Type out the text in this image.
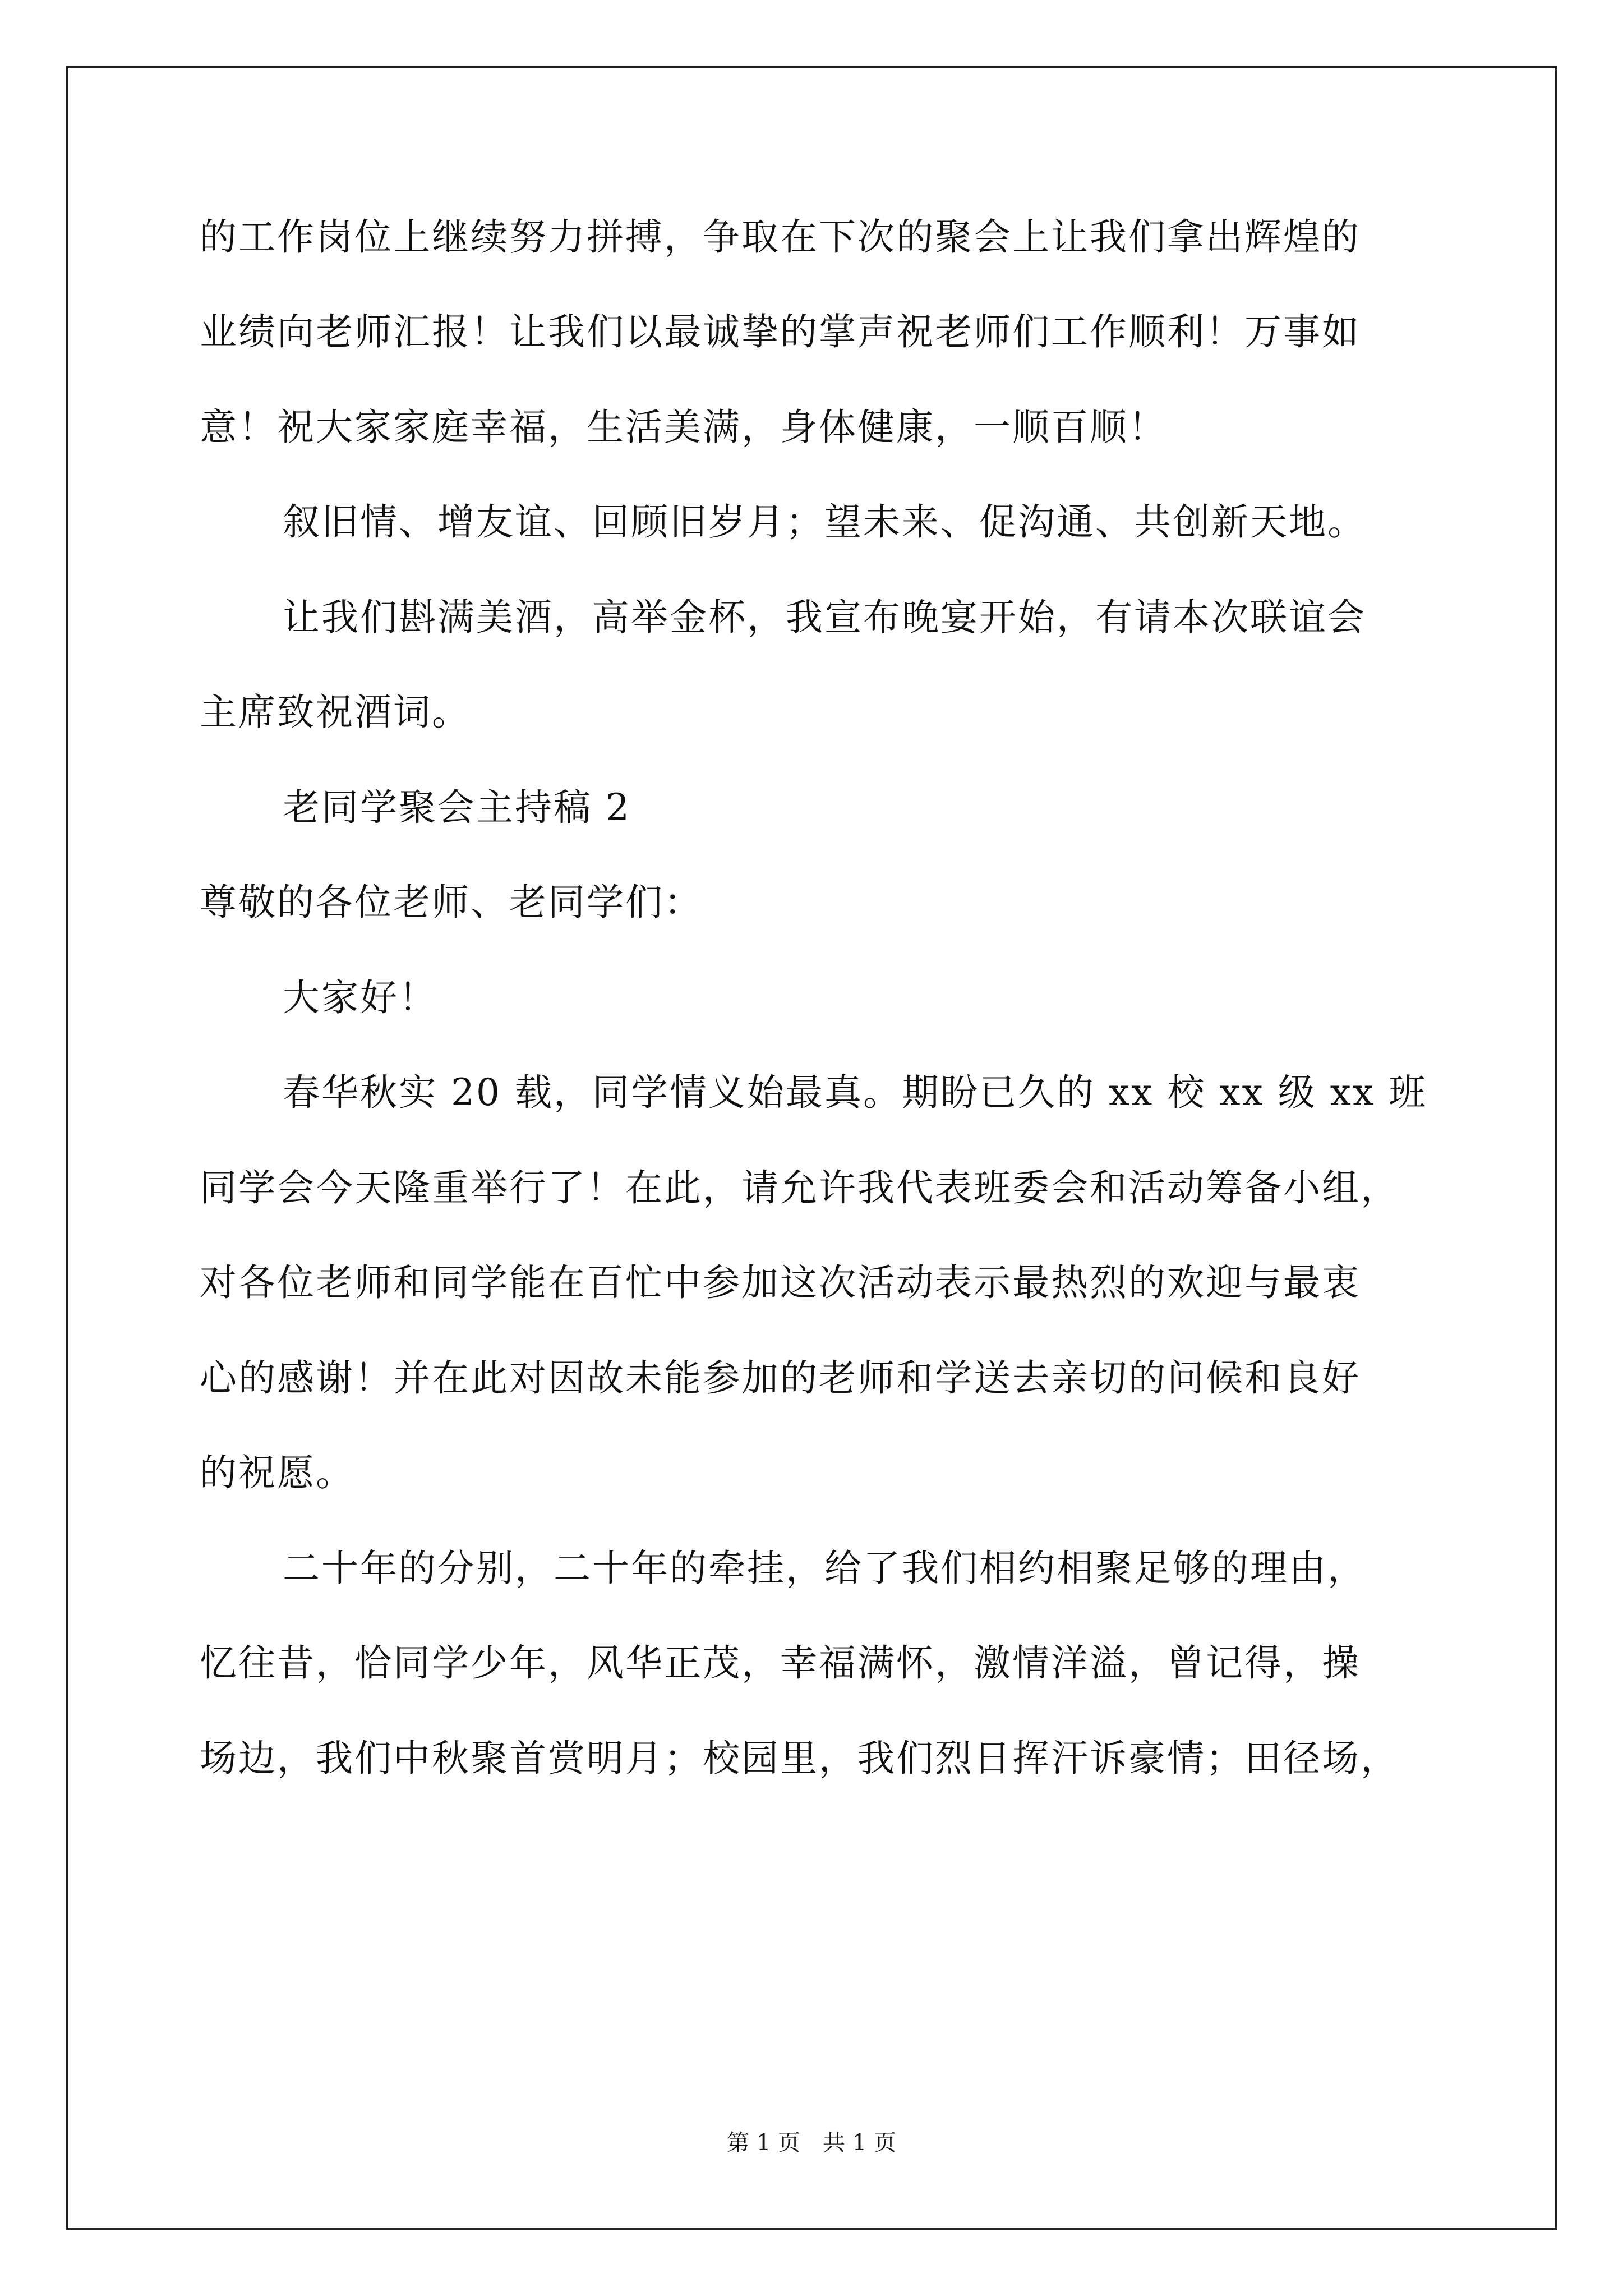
的工作岗位上继续努力拼搏，争取在下次的聚会上让我们拿出辉煌的
业绩向老师汇报！让我们以最诚挚的掌声祝老师们工作顺利！万事如
意！祝大家家庭幸福，生活美满，身体健康，一顺百顺！
叙旧情、增友谊、回顾旧岁月；望未来、促沟通、共创新天地。
让我们斟满美酒，高举金杯，我宣布晚宴开始，有请本次联谊会
主席致祝酒词。
老同学聚会主持稿 2
尊敬的各位老师、老同学们：
大家好！
春华秋实 20 载，同学情义始最真。期盼已久的 xx 校 xx 级 xx 班
同学会今天隆重举行了！在此，请允许我代表班委会和活动筹备小组，
对各位老师和同学能在百忙中参加这次活动表示最热烈的欢迎与最衷
心的感谢！并在此对因故未能参加的老师和学送去亲切的问候和良好
的祝愿。
二十年的分别，二十年的牵挂，给了我们相约相聚足够的理由，
忆往昔，恰同学少年，风华正茂，幸福满怀，激情洋溢，曾记得，操
场边，我们中秋聚首赏明月；校园里，我们烈日挥汗诉豪情；田径场，
第 1 页 共 1 页
